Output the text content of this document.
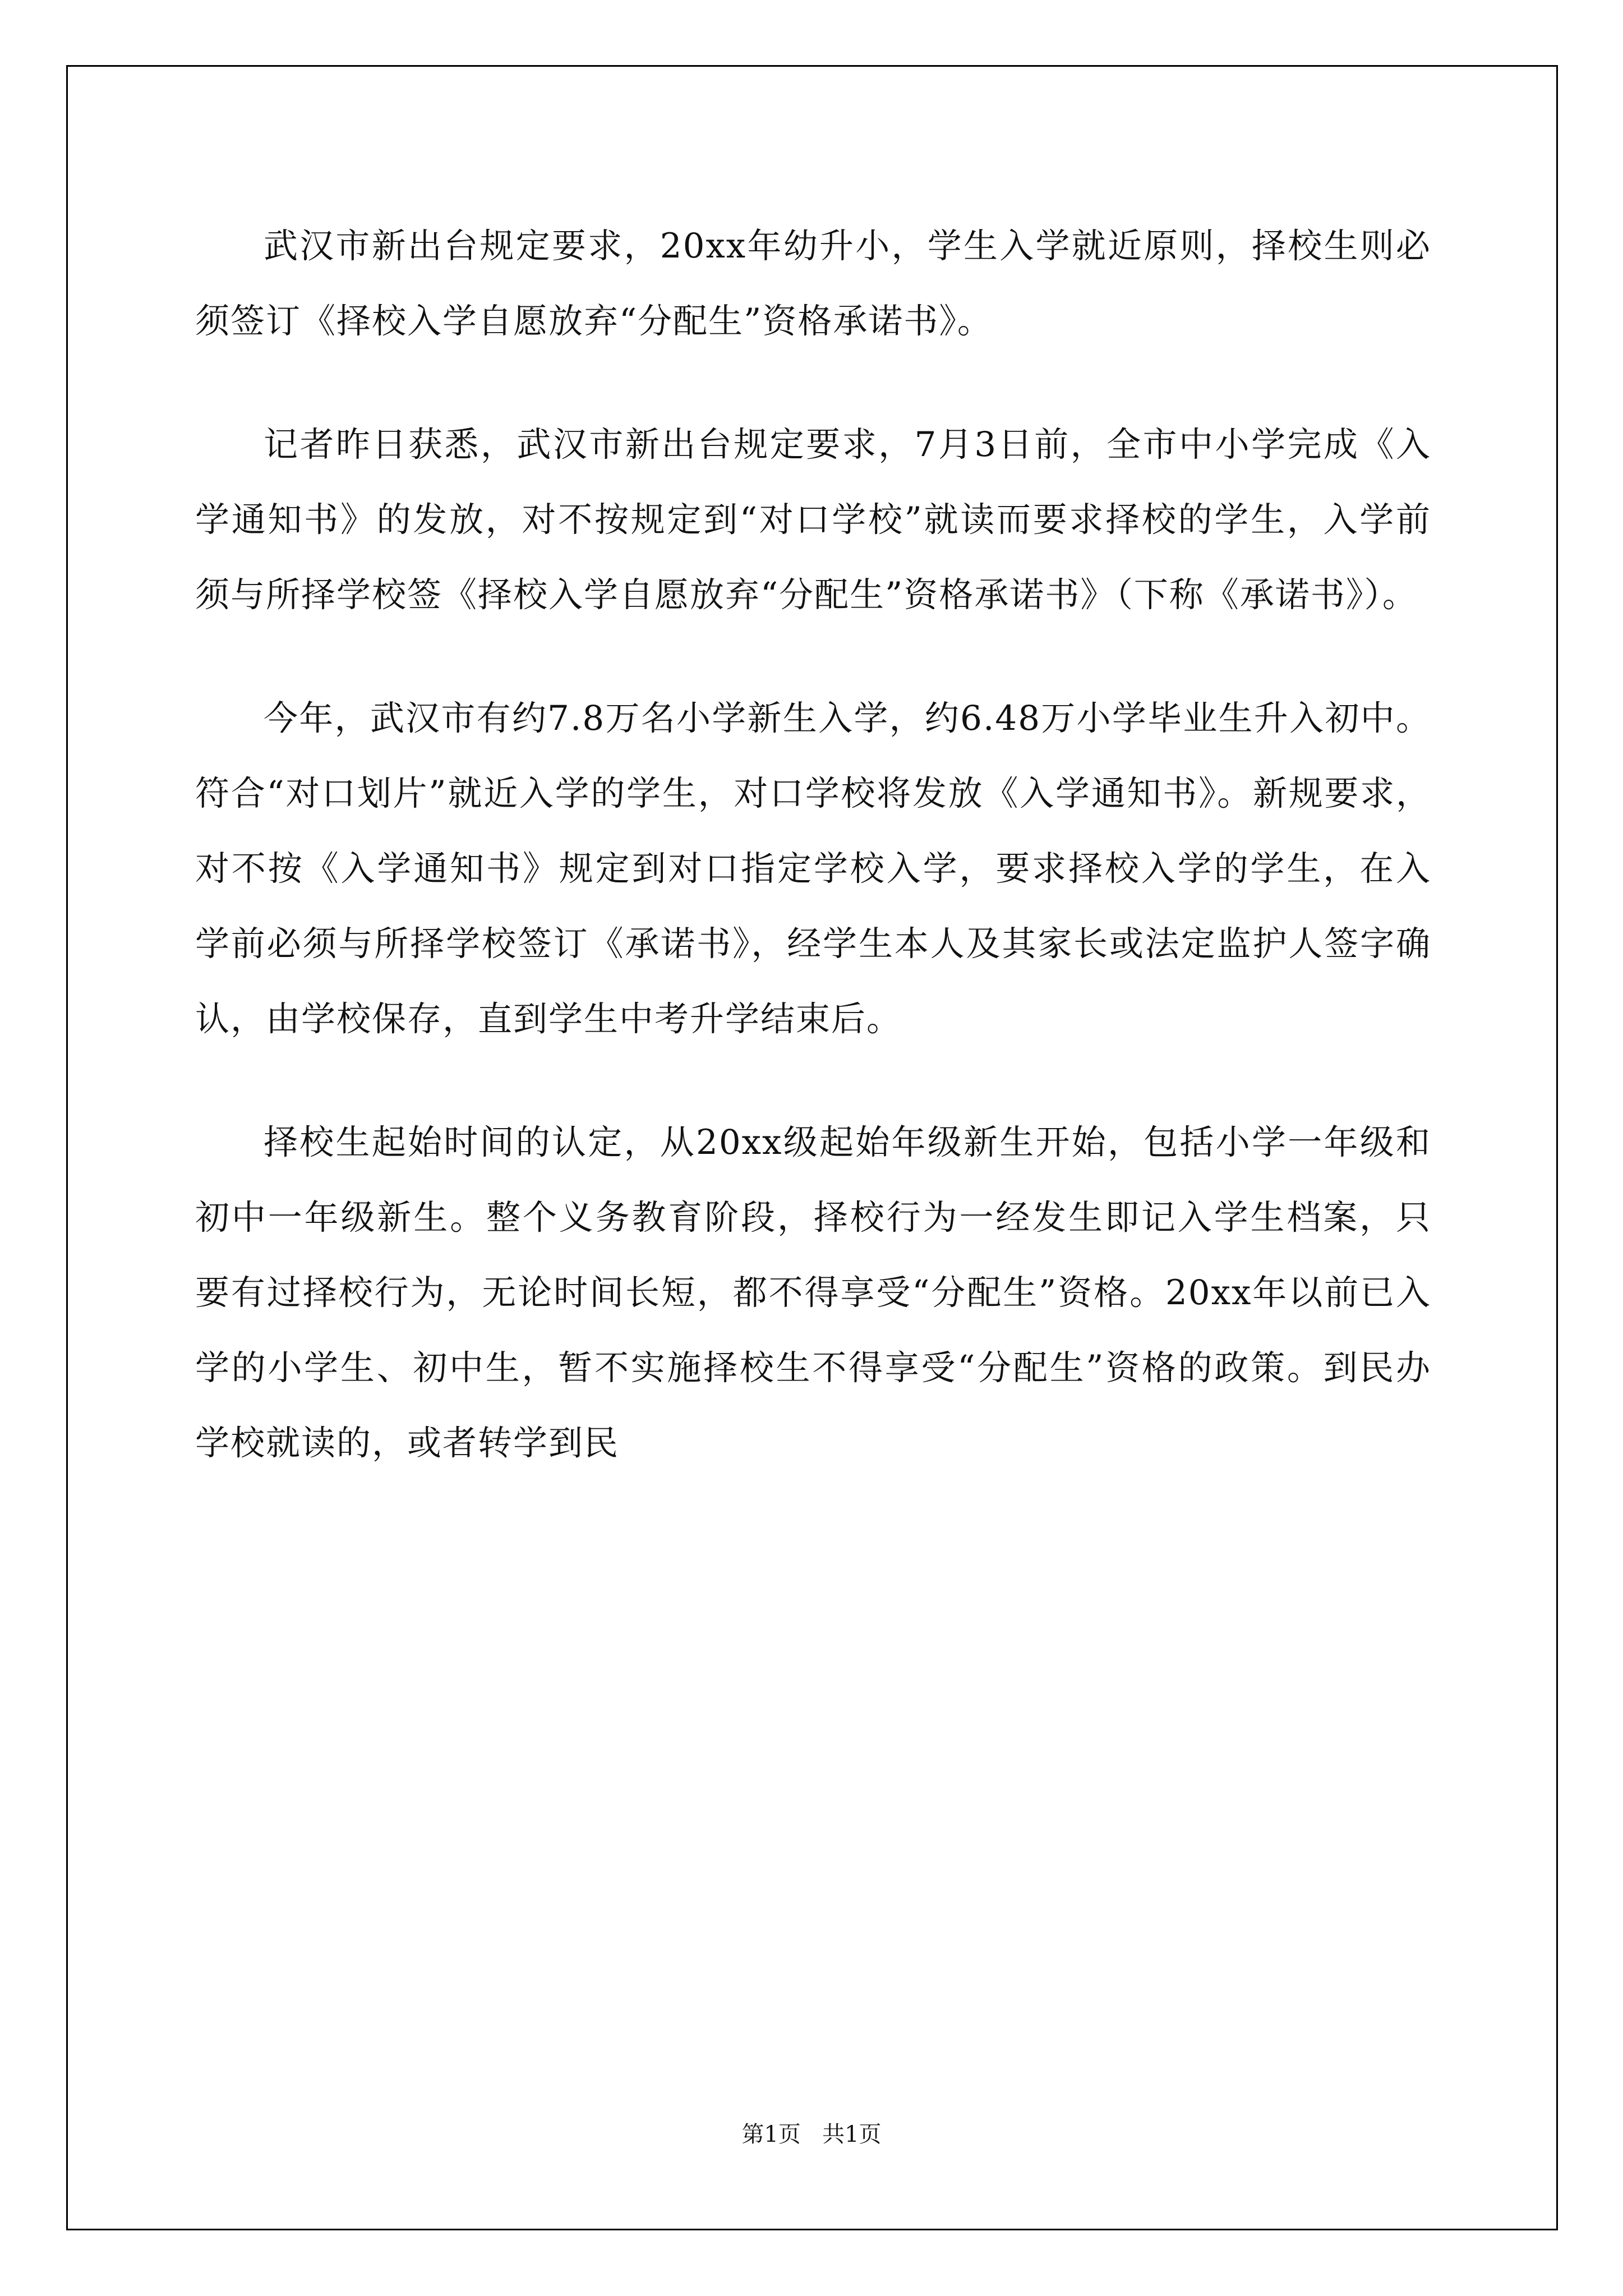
武汉市新出台规定要求，20xx年幼升小，学生入学就近原则，择校生则必须签订《择校入学自愿放弃“分配生”资格承诺书》。

记者昨日获悉，武汉市新出台规定要求，7月3日前，全市中小学完成《入学通知书》的发放，对不按规定到“对口学校”就读而要求择校的学生，入学前须与所择学校签《择校入学自愿放弃“分配生”资格承诺书》（下称《承诺书》）。

今年，武汉市有约7.8万名小学新生入学，约6.48万小学毕业生升入初中。符合“对口划片”就近入学的学生，对口学校将发放《入学通知书》。新规要求，对不按《入学通知书》规定到对口指定学校入学，要求择校入学的学生，在入学前必须与所择学校签订《承诺书》，经学生本人及其家长或法定监护人签字确认，由学校保存，直到学生中考升学结束后。

择校生起始时间的认定，从20xx级起始年级新生开始，包括小学一年级和初中一年级新生。整个义务教育阶段，择校行为一经发生即记入学生档案，只要有过择校行为，无论时间长短，都不得享受“分配生”资格。20xx年以前已入学的小学生、初中生，暂不实施择校生不得享受“分配生”资格的政策。到民办学校就读的，或者转学到民

第1页 共1页
